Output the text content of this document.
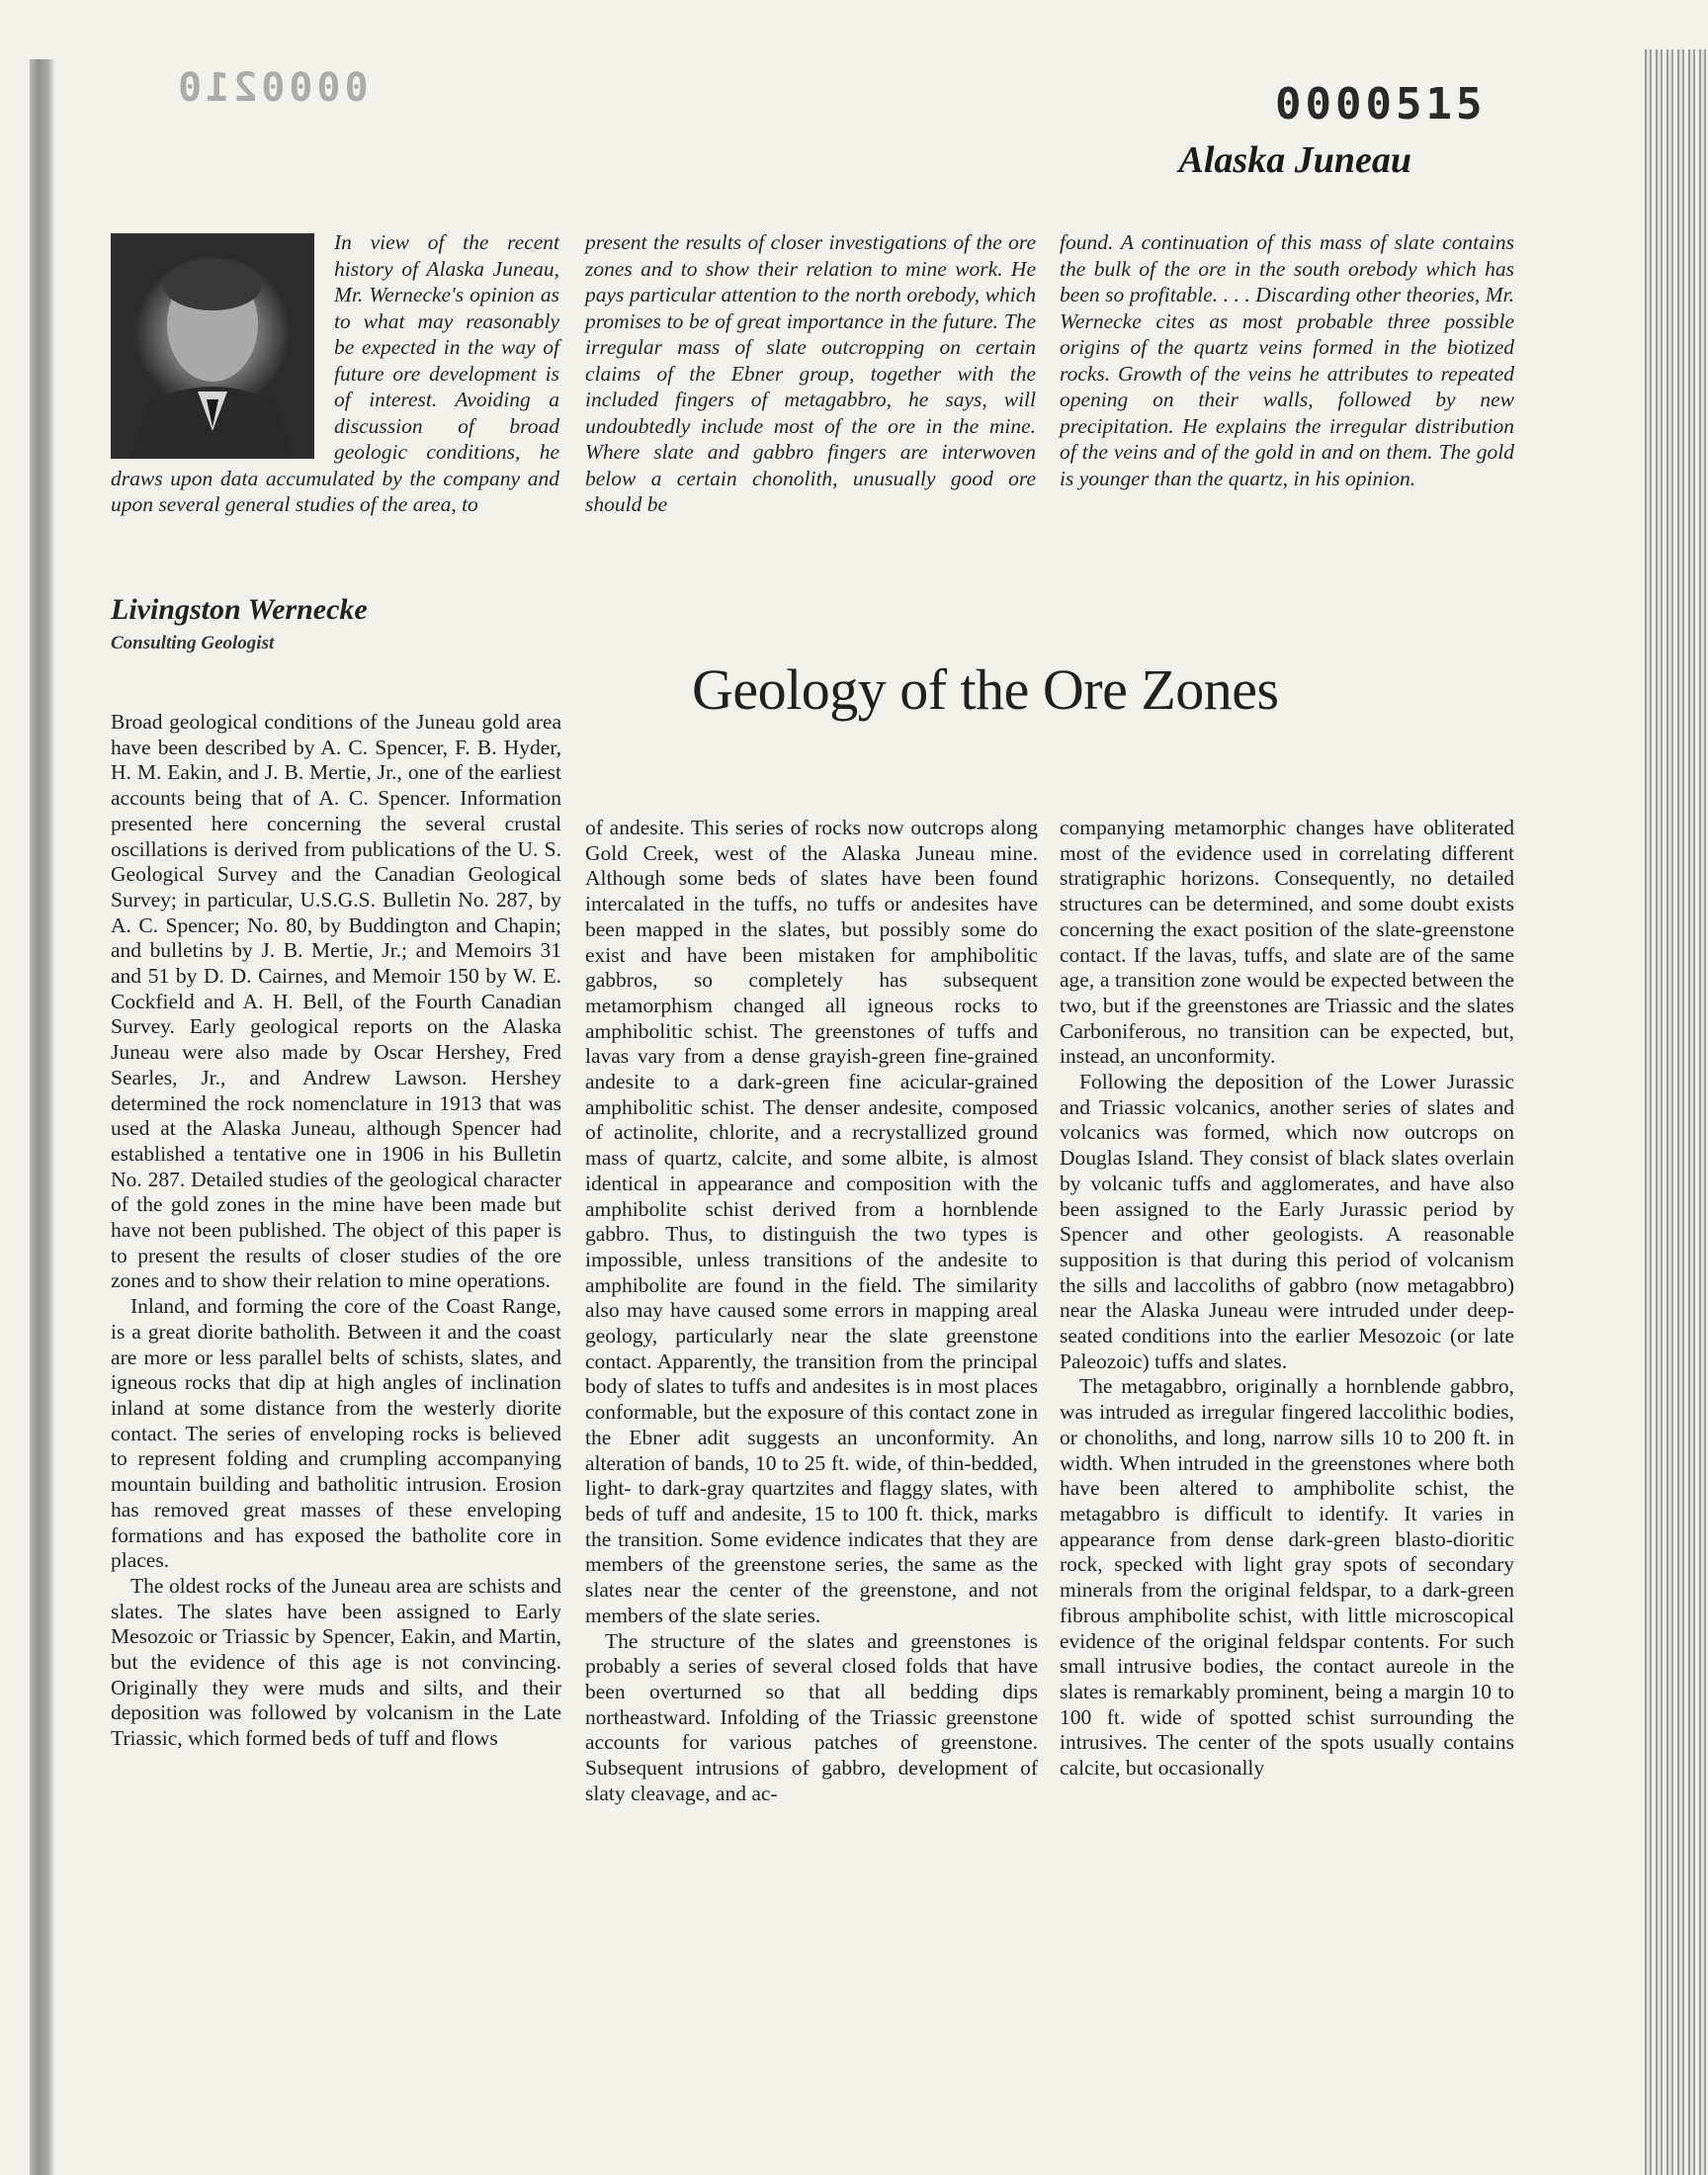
0000210	0000515
Alaska Juneau
In view of the recent history of Alaska Juneau, Mr. Wernecke's opinion as to what may reasonably be expected in the way of future ore development is of interest. Avoiding a discussion of broad geologic conditions, he draws upon data accumulated by the company and upon several general studies of the area, to
present the results of closer investigations of the ore zones and to show their relation to mine work. He pays particular attention to the north orebody, which promises to be of great importance in the future. The irregular mass of slate outcropping on certain claims of the Ebner group, together with the included fingers of metagabbro, he says, will undoubtedly include most of the ore in the mine. Where slate and gabbro fingers are interwoven below a certain chonolith, unusually good ore should be
found. A continuation of this mass of slate contains the bulk of the ore in the south orebody which has been so profitable. . . . Discarding other theories, Mr. Wernecke cites as most probable three possible origins of the quartz veins formed in the biotized rocks. Growth of the veins he attributes to repeated opening on their walls, followed by new precipitation. He explains the irregular distribution of the veins and of the gold in and on them. The gold is younger than the quartz, in his opinion.
Livingston Wernecke
Consulting Geologist
Geology of the Ore Zones

Broad geological conditions of the Juneau gold area have been described by A. C. Spencer, F. B. Hyder, H. M. Eakin, and J. B. Mertie, Jr., one of the earliest accounts being that of A. C. Spencer. Information presented here concerning the several crustal oscillations is derived from publications of the U. S. Geological Survey and the Canadian Geological Survey; in particular, U.S.G.S. Bulletin No. 287, by A. C. Spencer; No. 80, by Buddington and Chapin; and bulletins by J. B. Mertie, Jr.; and Memoirs 31 and 51 by D. D. Cairnes, and Memoir 150 by W. E. Cockfield and A. H. Bell, of the Fourth Canadian Survey. Early geological reports on the Alaska Juneau were also made by Oscar Hershey, Fred Searles, Jr., and Andrew Lawson. Hershey determined the rock nomenclature in 1913 that was used at the Alaska Juneau, although Spencer had established a tentative one in 1906 in his Bulletin No. 287. Detailed studies of the geological character of the gold zones in the mine have been made but have not been published. The object of this paper is to present the results of closer studies of the ore zones and to show their relation to mine operations.

Inland, and forming the core of the Coast Range, is a great diorite batholith. Between it and the coast are more or less parallel belts of schists, slates, and igneous rocks that dip at high angles of inclination inland at some distance from the westerly diorite contact. The series of enveloping rocks is believed to represent folding and crumpling accompanying mountain building and batholitic intrusion. Erosion has removed great masses of these enveloping formations and has exposed the batholite core in places.

The oldest rocks of the Juneau area are schists and slates. The slates have been assigned to Early Mesozoic or Triassic by Spencer, Eakin, and Martin, but the evidence of this age is not convincing. Originally they were muds and silts, and their deposition was followed by volcanism in the Late Triassic, which formed beds of tuff and flows

of andesite. This series of rocks now outcrops along Gold Creek, west of the Alaska Juneau mine. Although some beds of slates have been found intercalated in the tuffs, no tuffs or andesites have been mapped in the slates, but possibly some do exist and have been mistaken for amphibolitic gabbros, so completely has subsequent metamorphism changed all igneous rocks to amphibolitic schist. The greenstones of tuffs and lavas vary from a dense grayish-green fine-grained andesite to a dark-green fine acicular-grained amphibolitic schist. The denser andesite, composed of actinolite, chlorite, and a recrystallized ground mass of quartz, calcite, and some albite, is almost identical in appearance and composition with the amphibolite schist derived from a hornblende gabbro. Thus, to distinguish the two types is impossible, unless transitions of the andesite to amphibolite are found in the field. The similarity also may have caused some errors in mapping areal geology, particularly near the slate greenstone contact. Apparently, the transition from the principal body of slates to tuffs and andesites is in most places conformable, but the exposure of this contact zone in the Ebner adit suggests an unconformity. An alteration of bands, 10 to 25 ft. wide, of thin-bedded, light- to dark-gray quartzites and flaggy slates, with beds of tuff and andesite, 15 to 100 ft. thick, marks the transition. Some evidence indicates that they are members of the greenstone series, the same as the slates near the center of the greenstone, and not members of the slate series.

The structure of the slates and greenstones is probably a series of several closed folds that have been overturned so that all bedding dips northeastward. Infolding of the Triassic greenstone accounts for various patches of greenstone. Subsequent intrusions of gabbro, development of slaty cleavage, and ac-

companying metamorphic changes have obliterated most of the evidence used in correlating different stratigraphic horizons. Consequently, no detailed structures can be determined, and some doubt exists concerning the exact position of the slate-greenstone contact. If the lavas, tuffs, and slate are of the same age, a transition zone would be expected between the two, but if the greenstones are Triassic and the slates Carboniferous, no transition can be expected, but, instead, an unconformity.

Following the deposition of the Lower Jurassic and Triassic volcanics, another series of slates and volcanics was formed, which now outcrops on Douglas Island. They consist of black slates overlain by volcanic tuffs and agglomerates, and have also been assigned to the Early Jurassic period by Spencer and other geologists. A reasonable supposition is that during this period of volcanism the sills and laccoliths of gabbro (now metagabbro) near the Alaska Juneau were intruded under deep-seated conditions into the earlier Mesozoic (or late Paleozoic) tuffs and slates.

The metagabbro, originally a hornblende gabbro, was intruded as irregular fingered laccolithic bodies, or chonoliths, and long, narrow sills 10 to 200 ft. in width. When intruded in the greenstones where both have been altered to amphibolite schist, the metagabbro is difficult to identify. It varies in appearance from dense dark-green blasto-dioritic rock, specked with light gray spots of secondary minerals from the original feldspar, to a dark-green fibrous amphibolite schist, with little microscopical evidence of the original feldspar contents. For such small intrusive bodies, the contact aureole in the slates is remarkably prominent, being a margin 10 to 100 ft. wide of spotted schist surrounding the intrusives. The center of the spots usually contains calcite, but occasionally
